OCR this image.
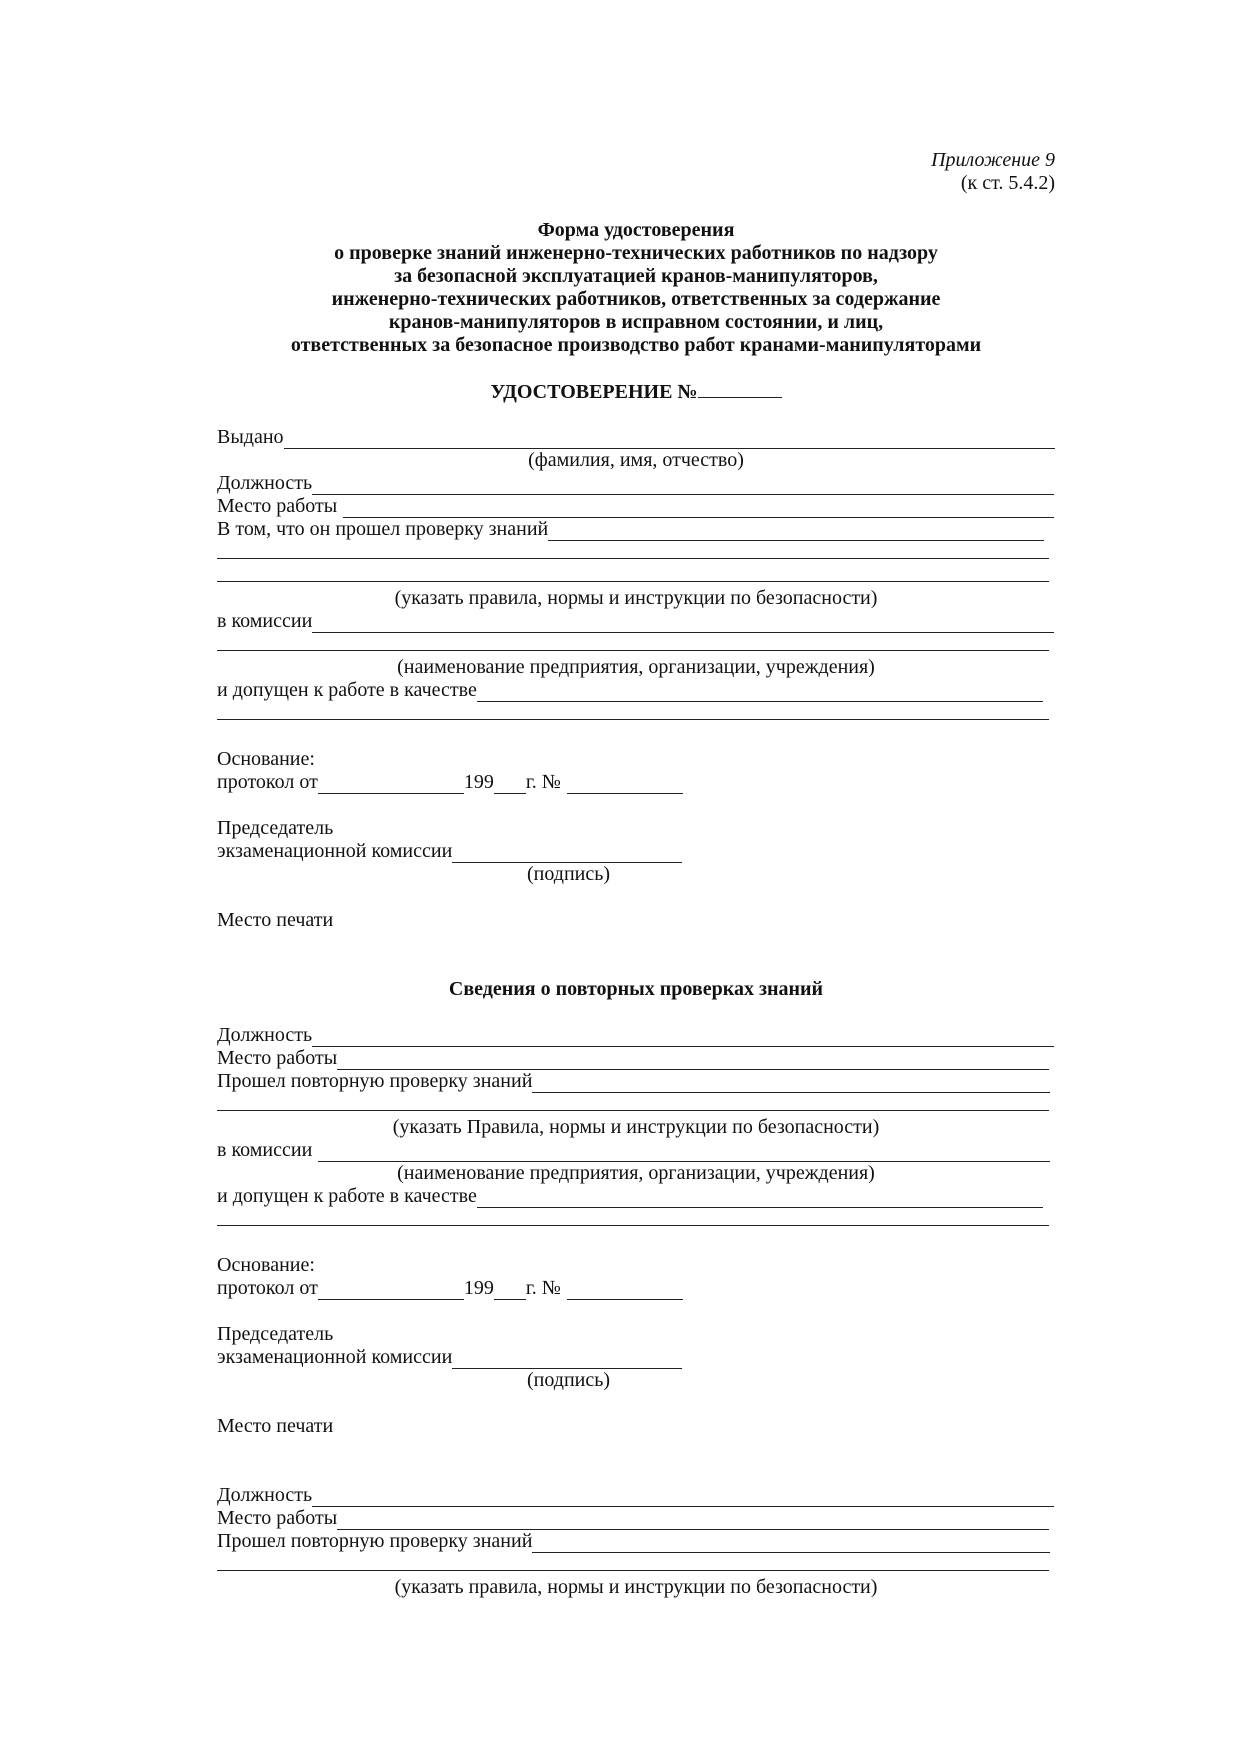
Приложение 9
(к ст. 5.4.2)
Форма удостоверения
о проверке знаний инженерно-технических работников по надзору
за безопасной эксплуатацией кранов-манипуляторов,
инженерно-технических работников, ответственных за содержание
кранов-манипуляторов в исправном состоянии, и лиц,
ответственных за безопасное производство работ кранами-манипуляторами
УДОСТОВЕРЕНИЕ №
Выдано
(фамилия, имя, отчество)
Должность
Место работы
В том, что он прошел проверку знаний
(указать правила, нормы и инструкции по безопасности)
в комиссии
(наименование предприятия, организации, учреждения)
и допущен к работе в качестве
Основание:
протокол от	199 г. №
Председатель
экзаменационной комиссии
(подпись)
Место печати
Сведения о повторных проверках знаний
Должность
Место работы
Прошел повторную проверку знаний
(указать Правила, нормы и инструкции по безопасности)
в комиссии
(наименование предприятия, организации, учреждения)
и допущен к работе в качестве
Основание:
протокол от	199 г. №
Председатель
экзаменационной комиссии
(подпись)
Место печати
Должность
Место работы
Прошел повторную проверку знаний
(указать правила, нормы и инструкции по безопасности)
